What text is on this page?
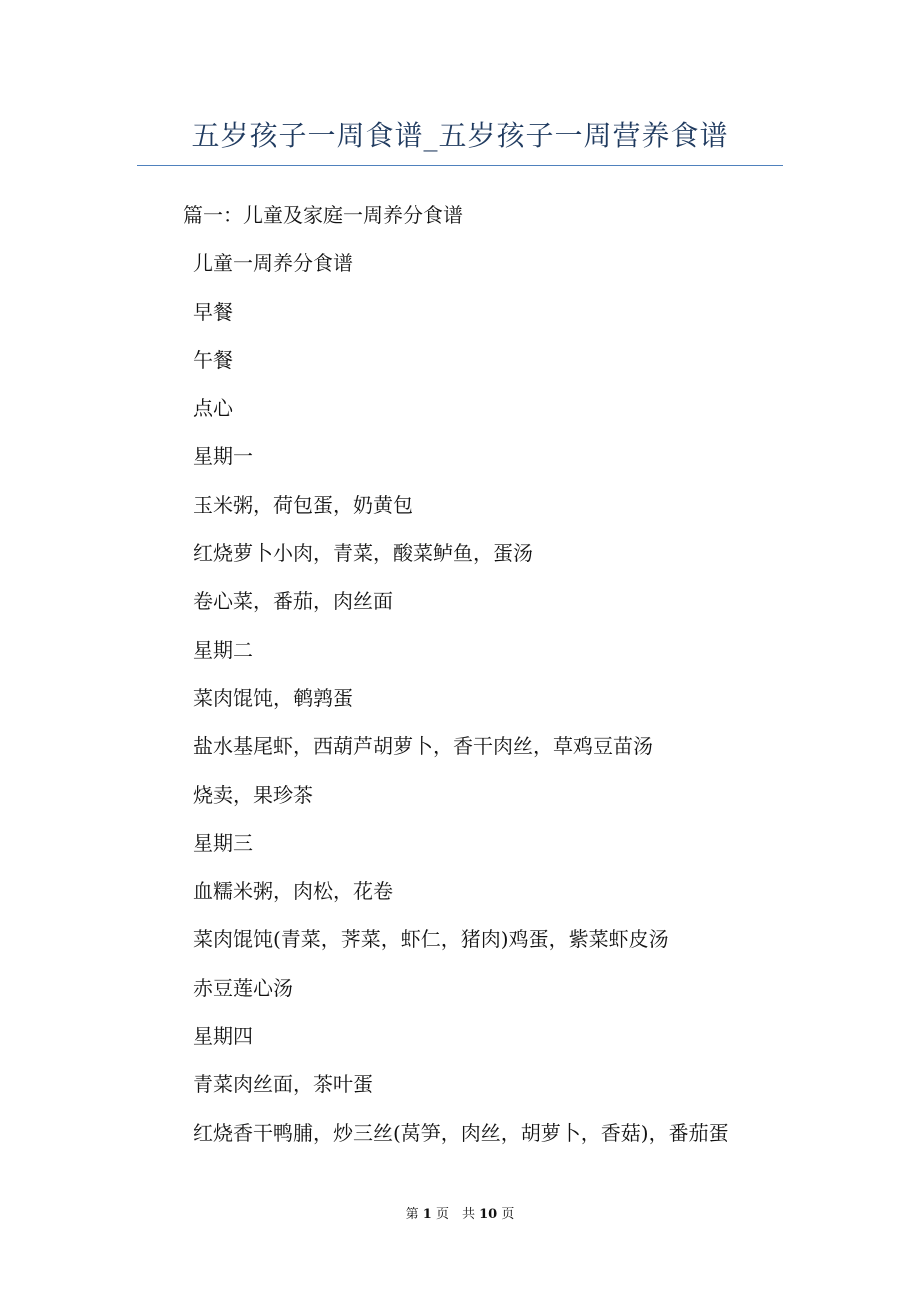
五岁孩子一周食谱_五岁孩子一周营养食谱
篇一：儿童及家庭一周养分食谱
儿童一周养分食谱
早餐
午餐
点心
星期一
玉米粥，荷包蛋，奶黄包
红烧萝卜小肉，青菜，酸菜鲈鱼，蛋汤
卷心菜，番茄，肉丝面
星期二
菜肉馄饨，鹌鹑蛋
盐水基尾虾，西葫芦胡萝卜，香干肉丝，草鸡豆苗汤
烧卖，果珍茶
星期三
血糯米粥，肉松，花卷
菜肉馄饨(青菜，荠菜，虾仁，猪肉)鸡蛋，紫菜虾皮汤
赤豆莲心汤
星期四
青菜肉丝面，茶叶蛋
红烧香干鸭脯，炒三丝(莴笋，肉丝，胡萝卜，香菇)，番茄蛋
第 1 页　共 10 页
